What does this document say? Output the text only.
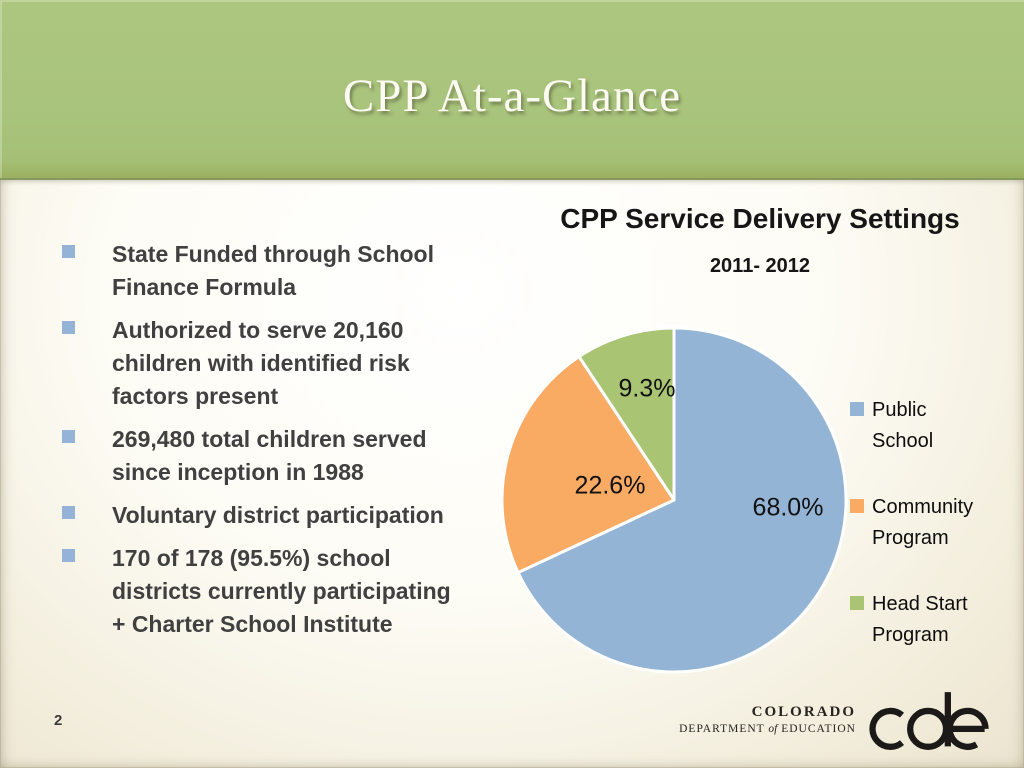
CPP At-a-Glance
State Funded through School
Finance Formula
Authorized to serve 20,160
children with identified risk
factors present
269,480 total children served
since inception in 1988
Voluntary district participation
170 of 178 (95.5%) school
districts currently participating
+ Charter School Institute
CPP Service Delivery Settings
2011- 2012
68.0%
22.6%
9.3%
Public School
Community Program
Head Start Program
2
COLORADO
DEPARTMENT of EDUCATION
